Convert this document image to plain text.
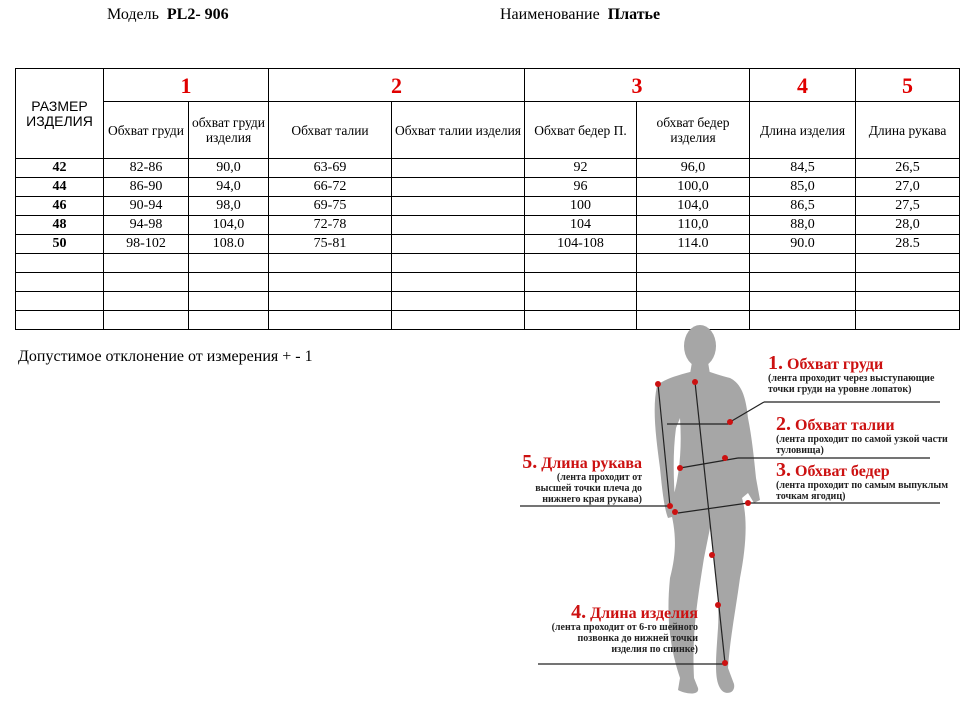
Модель PL2- 906	Наименование Платье
РАЗМЕР ИЗДЕЛИЯ	1		2		3		4	5
	Обхват груди	обхват груди изделия	Обхват талии	Обхват талии изделия	Обхват бедер П.	обхват бедер изделия	Длина изделия	Длина рукава
42	82-86	90,0	63-69		92	96,0	84,5	26,5
44	86-90	94,0	66-72		96	100,0	85,0	27,0
46	90-94	98,0	69-75		100	104,0	86,5	27,5
48	94-98	104,0	72-78		104	110,0	88,0	28,0
50	98-102	108.0	75-81		104-108	114.0	90.0	28.5

Допустимое отклонение от измерения + - 1	1. Обхват груди
(лента проходит через выступающие точки груди на уровне лопаток)
2. Обхват талии
(лента проходит по самой узкой части туловища)
3. Обхват бедер
(лента проходит по самым выпуклым точкам ягодиц)
4. Длина изделия
(лента проходит от 6-го шейного позвонка до нижней точки изделия по спинке)
5. Длина рукава
(лента проходит от высшей точки плеча до нижнего края рукава)
